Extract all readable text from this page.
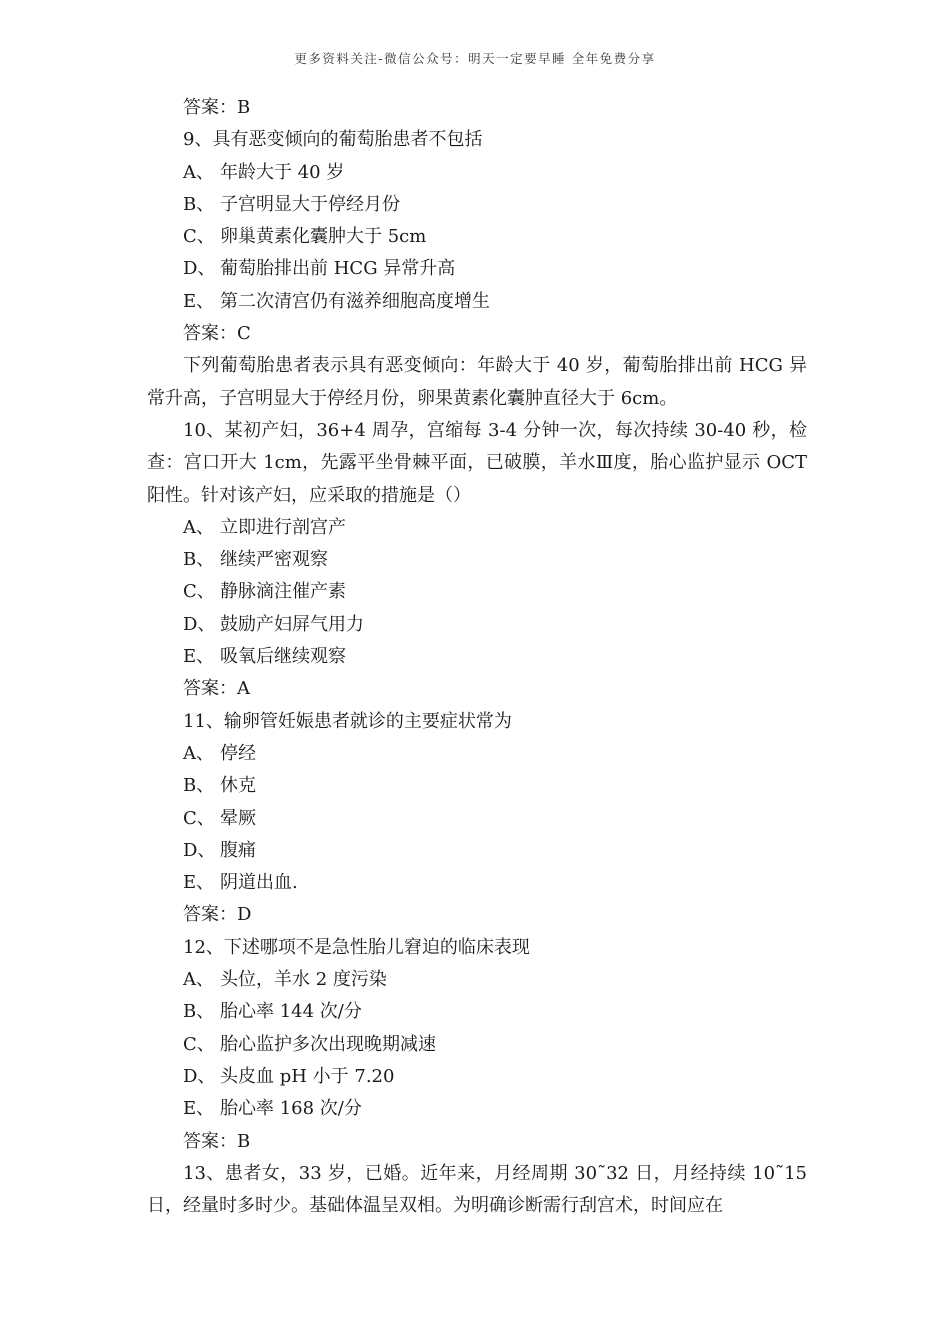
更多资料关注-微信公众号：明天一定要早睡 全年免费分享
答案：B
9、具有恶变倾向的葡萄胎患者不包括
A、 年龄大于 40 岁
B、 子宫明显大于停经月份
C、 卵巢黄素化囊肿大于 5cm
D、 葡萄胎排出前 HCG 异常升高
E、 第二次清宫仍有滋养细胞高度增生
答案：C
下列葡萄胎患者表示具有恶变倾向：年龄大于 40 岁，葡萄胎排出前 HCG 异常升高，子宫明显大于停经月份，卵果黄素化囊肿直径大于 6cm。
10、某初产妇，36+4 周孕，宫缩每 3-4 分钟一次，每次持续 30-40 秒，检查：宫口开大 1cm，先露平坐骨棘平面，已破膜，羊水Ⅲ度，胎心监护显示 OCT 阳性。针对该产妇，应采取的措施是（）
A、 立即进行剖宫产
B、 继续严密观察
C、 静脉滴注催产素
D、 鼓励产妇屏气用力
E、 吸氧后继续观察
答案：A
11、输卵管妊娠患者就诊的主要症状常为
A、 停经
B、 休克
C、 晕厥
D、 腹痛
E、 阴道出血.
答案：D
12、下述哪项不是急性胎儿窘迫的临床表现
A、 头位，羊水 2 度污染
B、 胎心率 144 次/分
C、 胎心监护多次出现晚期减速
D、 头皮血 pH 小于 7.20
E、 胎心率 168 次/分
答案：B
13、患者女，33 岁，已婚。近年来，月经周期 30˜32 日，月经持续 10˜15 日，经量时多时少。基础体温呈双相。为明确诊断需行刮宫术，时间应在
